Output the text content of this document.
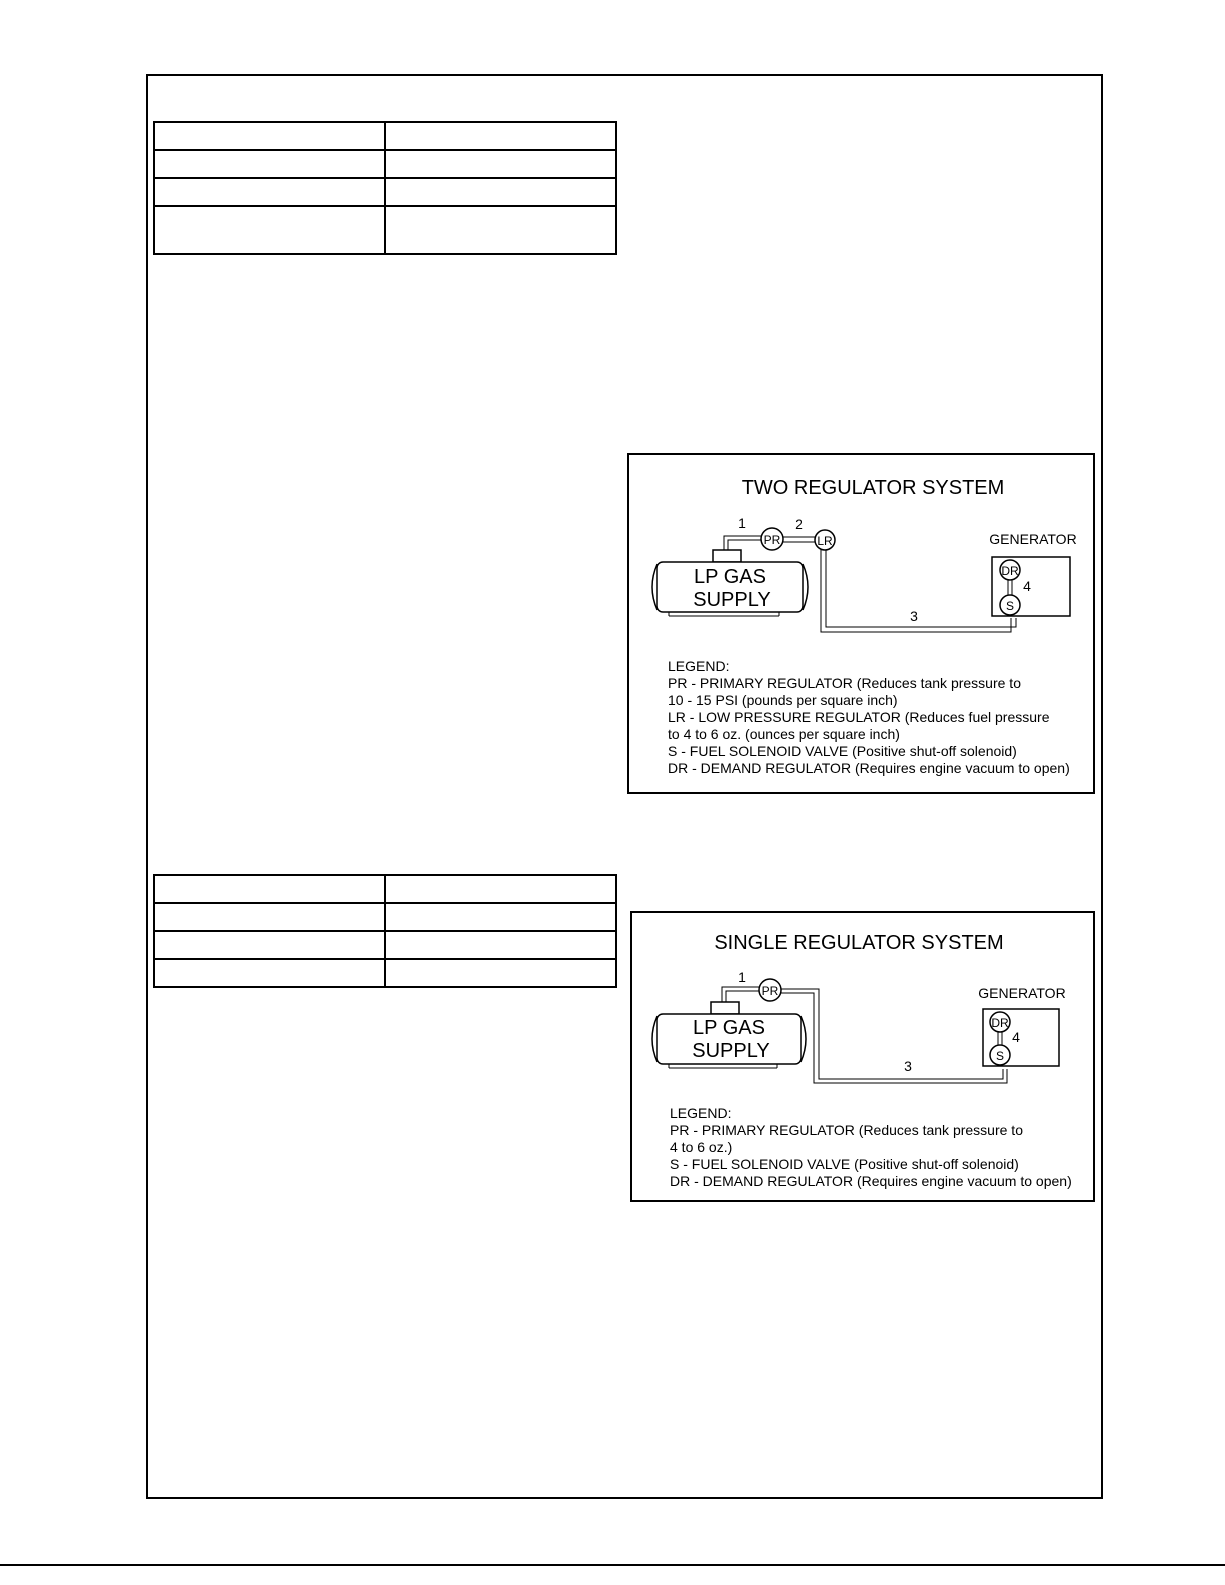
TWO REGULATOR SYSTEM
LP GAS
SUPPLY
PR	LR
1	2
3
GENERATOR
DR
S
4
LEGEND:
PR - PRIMARY REGULATOR (Reduces tank pressure to
10 - 15 PSI (pounds per square inch)
LR - LOW PRESSURE REGULATOR (Reduces fuel pressure
to 4 to 6 oz. (ounces per square inch)
S - FUEL SOLENOID VALVE (Positive shut-off solenoid)
DR - DEMAND REGULATOR (Requires engine vacuum to open)

SINGLE REGULATOR SYSTEM
LP GAS
SUPPLY
PR
1
3
GENERATOR
DR
S
4
LEGEND:
PR - PRIMARY REGULATOR (Reduces tank pressure to
4 to 6 oz.)
S - FUEL SOLENOID VALVE (Positive shut-off solenoid)
DR - DEMAND REGULATOR (Requires engine vacuum to open)
